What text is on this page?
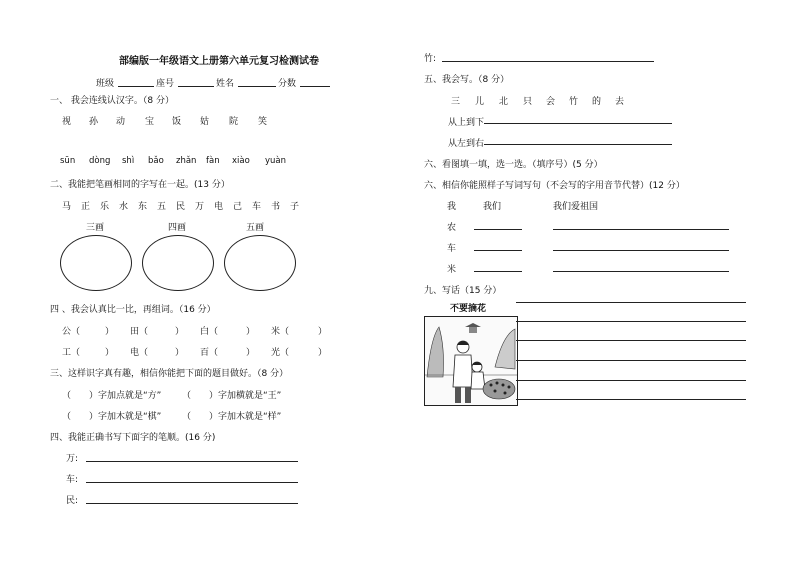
部编版一年级语文上册第六单元复习检测试卷
班级	座号	姓名	分数
一、 我会连线认汉字。（8 分）
视 孙 动 宝 饭 姑 院 笑
sūn dòng shì bǎo zhǎn fàn xiào yuàn
二、我能把笔画相同的字写在一起。(13 分）
马 正 乐 水 东 五 民 万 电 己 车 书 子
三画	四画	五画
四 、我会认真比一比，再组词。（16 分）
公（	） 田（	） 白（	） 米（	）
工（	） 电（	） 百（	） 光（	）
三、这样识字真有趣，相信你能把下面的题目做好。（8 分）
（　　）字加点就是“方” （　　）字加横就是“王”
（　　）字加木就是“棋” （　　）字加木就是“样”
四、我能正确书写下面字的笔顺。(16 分)
万:
车:
民:
竹:
五、我会写。（8 分）
三 儿 北 只 会 竹 的 去
从上到下
从左到右
六、看图填一填，选一选。（填序号）(5 分）
六、相信你能照样子写词写句（不会写的字用音节代替）(12 分）
我	我们	我们爱祖国
农
车
米
九、写话（15 分）
不要摘花
